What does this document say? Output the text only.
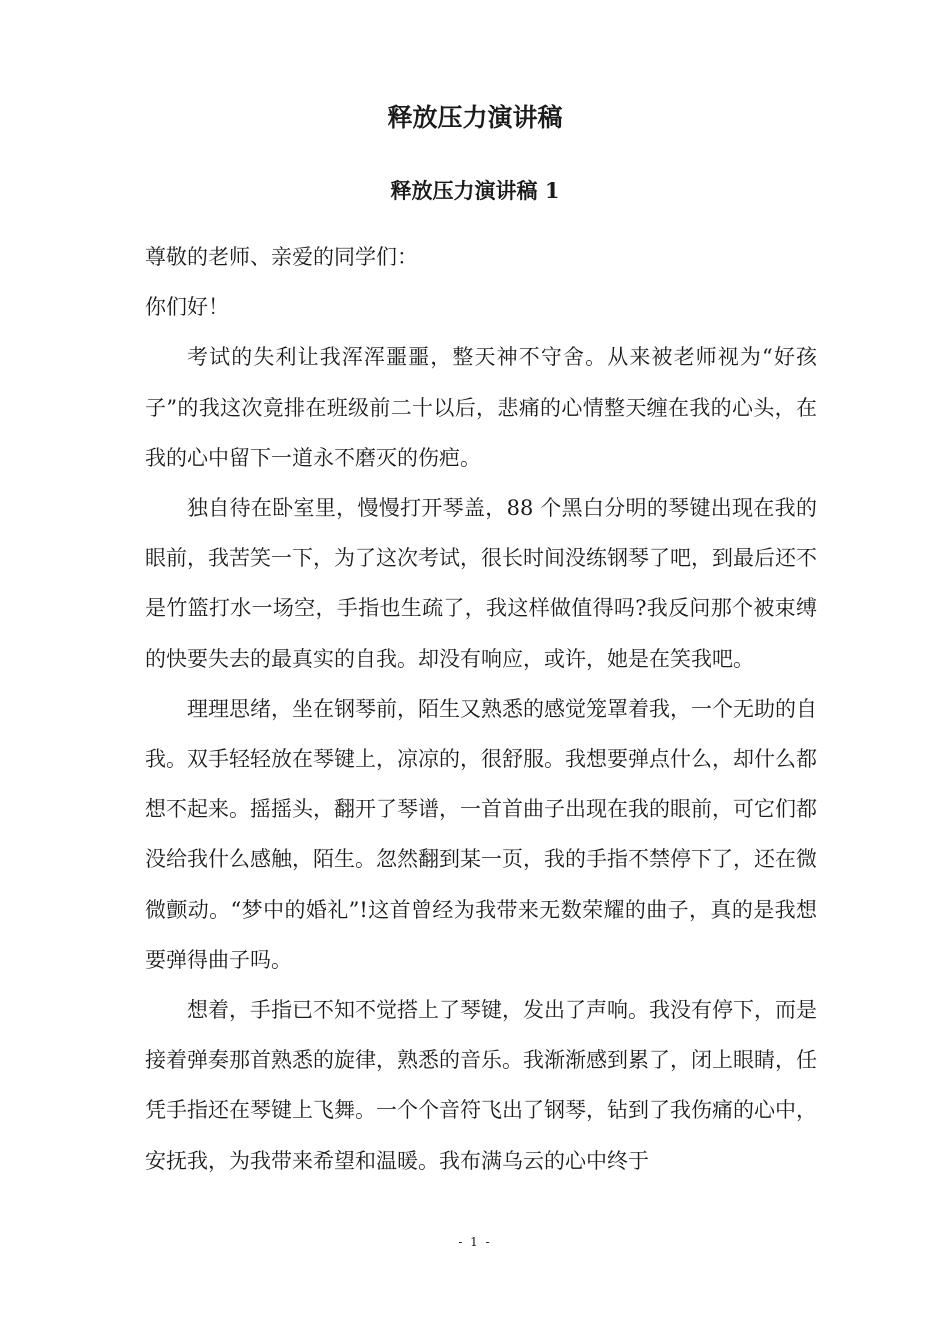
释放压力演讲稿
释放压力演讲稿 1

尊敬的老师、亲爱的同学们：

你们好！

考试的失利让我浑浑噩噩，整天神不守舍。从来被老师视为“好孩子”的我这次竟排在班级前二十以后，悲痛的心情整天缠在我的心头，在我的心中留下一道永不磨灭的伤疤。

独自待在卧室里，慢慢打开琴盖，88 个黑白分明的琴键出现在我的眼前，我苦笑一下，为了这次考试，很长时间没练钢琴了吧，到最后还不是竹篮打水一场空，手指也生疏了，我这样做值得吗?我反问那个被束缚的快要失去的最真实的自我。却没有响应，或许，她是在笑我吧。

理理思绪，坐在钢琴前，陌生又熟悉的感觉笼罩着我，一个无助的自我。双手轻轻放在琴键上，凉凉的，很舒服。我想要弹点什么，却什么都想不起来。摇摇头，翻开了琴谱，一首首曲子出现在我的眼前，可它们都没给我什么感触，陌生。忽然翻到某一页，我的手指不禁停下了，还在微微颤动。“梦中的婚礼”!这首曾经为我带来无数荣耀的曲子，真的是我想要弹得曲子吗。

想着，手指已不知不觉搭上了琴键，发出了声响。我没有停下，而是接着弹奏那首熟悉的旋律，熟悉的音乐。我渐渐感到累了，闭上眼睛，任凭手指还在琴键上飞舞。一个个音符飞出了钢琴，钻到了我伤痛的心中，安抚我，为我带来希望和温暖。我布满乌云的心中终于

- 1 -
